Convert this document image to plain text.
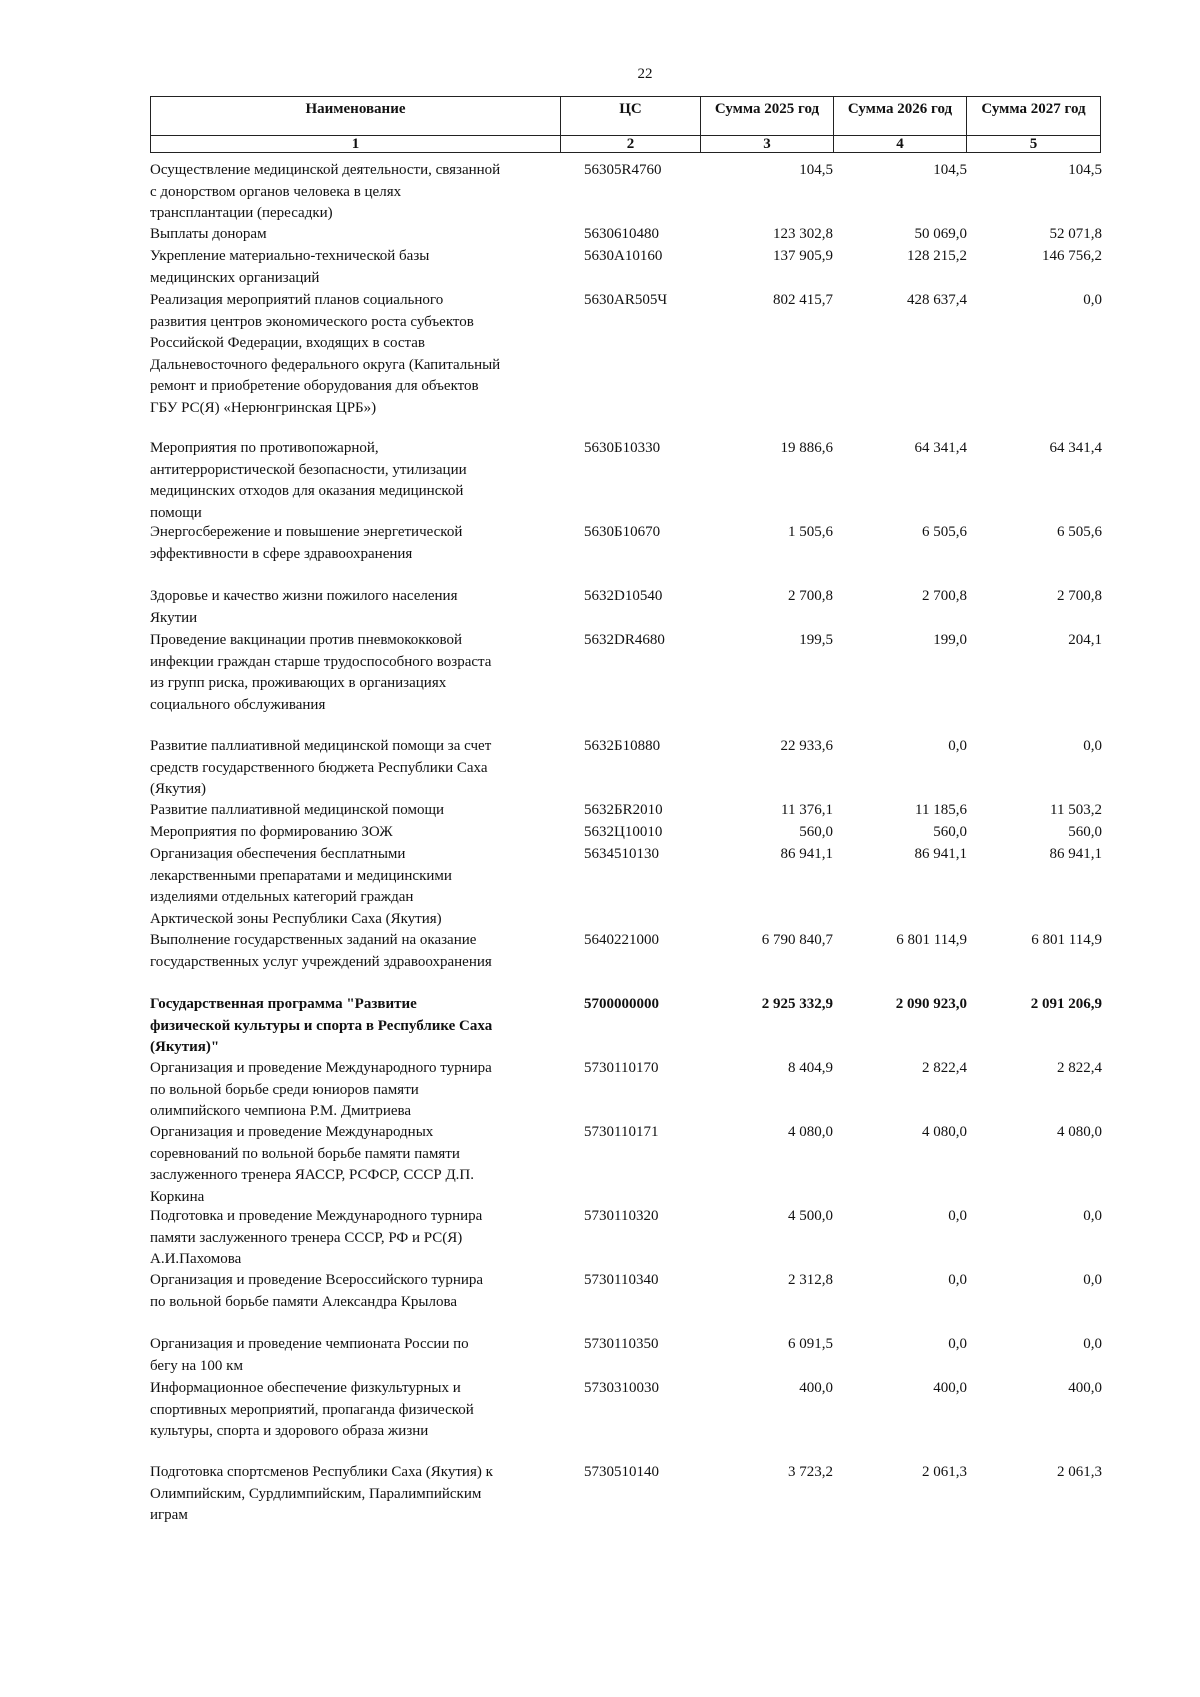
22
Наименование	ЦС	Сумма 2025 год	Сумма 2026 год	Сумма 2027 год
1	2	3	4	5
Осуществление медицинской деятельности, связанной
с донорством органов человека в целях
трансплантации (пересадки)
56305R4760	104,5	104,5	104,5
Выплаты донорам	5630610480	123 302,8	50 069,0	52 071,8
Укрепление материально-технической базы
медицинских организаций
5630А10160	137 905,9	128 215,2	146 756,2
Реализация мероприятий планов социального
развития центров экономического роста субъектов
Российской Федерации, входящих в состав
Дальневосточного федерального округа (Капитальный
ремонт и приобретение оборудования для объектов
ГБУ РС(Я) «Нерюнгринская ЦРБ»)
5630АR505Ч	802 415,7	428 637,4	0,0
Мероприятия по противопожарной,
антитеррористической безопасности, утилизации
медицинских отходов для оказания медицинской
помощи
5630Б10330	19 886,6	64 341,4	64 341,4
Энергосбережение и повышение энергетической
эффективности в сфере здравоохранения
5630Б10670	1 505,6	6 505,6	6 505,6
Здоровье и качество жизни пожилого населения
Якутии
5632D10540	2 700,8	2 700,8	2 700,8
Проведение вакцинации против пневмококковой
инфекции граждан старше трудоспособного возраста
из групп риска, проживающих в организациях
социального обслуживания
5632DR4680	199,5	199,0	204,1
Развитие паллиативной медицинской помощи за счет
средств государственного бюджета Республики Саха
(Якутия)
5632Б10880	22 933,6	0,0	0,0
Развитие паллиативной медицинской помощи	5632БR2010	11 376,1	11 185,6	11 503,2
Мероприятия по формированию ЗОЖ	5632Ц10010	560,0	560,0	560,0
Организация обеспечения бесплатными
лекарственными препаратами и медицинскими
изделиями отдельных категорий граждан
Арктической зоны Республики Саха (Якутия)
5634510130	86 941,1	86 941,1	86 941,1
Выполнение государственных заданий на оказание
государственных услуг учреждений здравоохранения
5640221000	6 790 840,7	6 801 114,9	6 801 114,9
Государственная программа "Развитие
физической культуры и спорта в Республике Саха
(Якутия)"
5700000000	2 925 332,9	2 090 923,0	2 091 206,9
Организация и проведение Международного турнира
по вольной борьбе среди юниоров памяти
олимпийского чемпиона Р.М. Дмитриева
5730110170	8 404,9	2 822,4	2 822,4
Организация и проведение Международных
соревнований по вольной борьбе памяти памяти
заслуженного тренера ЯАССР, РСФСР, СССР Д.П.
Коркина
5730110171	4 080,0	4 080,0	4 080,0
Подготовка и проведение Международного турнира
памяти заслуженного тренера СССР, РФ и РС(Я)
А.И.Пахомова
5730110320	4 500,0	0,0	0,0
Организация и проведение Всероссийского турнира
по вольной борьбе памяти Александра Крылова
5730110340	2 312,8	0,0	0,0
Организация и проведение чемпионата России по
бегу на 100 км
5730110350	6 091,5	0,0	0,0
Информационное обеспечение физкультурных и
спортивных мероприятий, пропаганда физической
культуры, спорта и здорового образа жизни
5730310030	400,0	400,0	400,0
Подготовка спортсменов Республики Саха (Якутия) к
Олимпийским, Сурдлимпийским, Паралимпийским
играм
5730510140	3 723,2	2 061,3	2 061,3
